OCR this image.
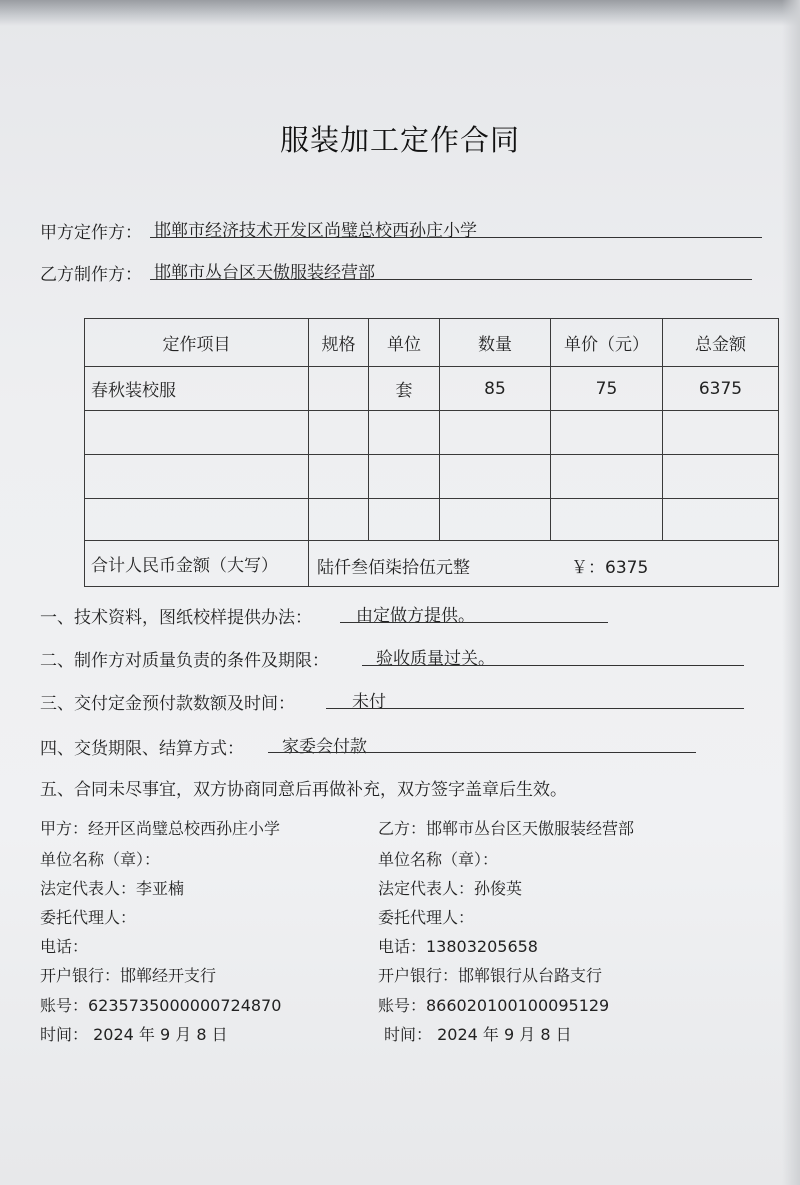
服装加工定作合同
甲方定作方： 邯郸市经济技术开发区尚璧总校西孙庄小学
乙方制作方： 邯郸市丛台区天傲服装经营部
定作项目	规格	单位	数量	单价（元）	总金额
春秋装校服		套	85	75	6375

合计人民币金额（大写）	陆仟叁佰柒拾伍元整 ￥：6375				
一、技术资料，图纸校样提供办法：	由定做方提供。
二、制作方对质量负责的条件及期限：	验收质量过关。
三、交付定金预付款数额及时间：	未付
四、交货期限、结算方式： 家委会付款
五、合同未尽事宜，双方协商同意后再做补充，双方签字盖章后生效。
甲方：经开区尚璧总校西孙庄小学
单位名称（章）：
法定代表人：李亚楠
委托代理人：
电话：
开户银行：邯郸经开支行
账号：6235735000000724870
时间： 2024 年 9 月 8 日
乙方：邯郸市丛台区天傲服装经营部
单位名称（章）：
法定代表人：孙俊英
委托代理人：
电话：13803205658
开户银行：邯郸银行从台路支行
账号：866020100100095129
时间： 2024 年 9 月 8 日
